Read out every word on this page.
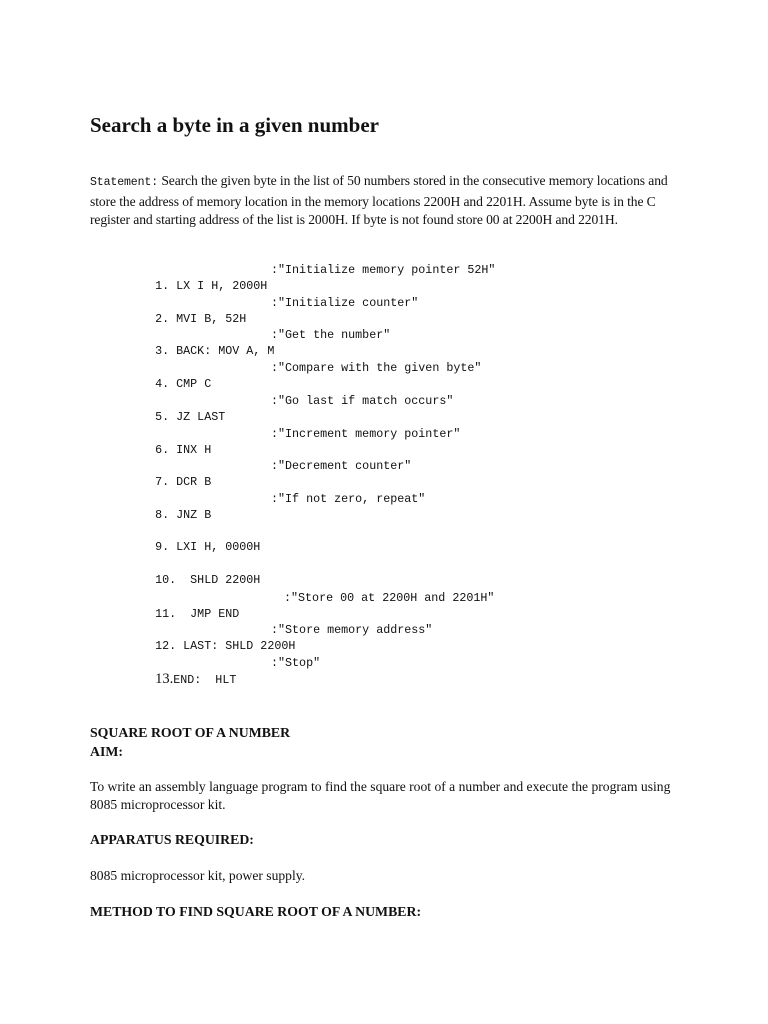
Search a byte in a given number

Statement: Search the given byte in the list of 50 numbers stored in the consecutive memory locations and store the address of memory location in the memory locations 2200H and 2201H. Assume byte is in the C register and starting address of the list is 2000H. If byte is not found store 00 at 2200H and 2201H.

1. LX I H, 2000H
:"Initialize memory pointer 52H"

2. MVI B, 52H
:"Initialize counter"

3. BACK: MOV A, M
:"Get the number"

4. CMP C
:"Compare with the given byte"

5. JZ LAST
:"Go last if match occurs"

6. INX H
:"Increment memory pointer"

7. DCR B
:"Decrement counter"

8. JNZ B
:"If not zero, repeat"

9. LXI H, 0000H

10. SHLD 2200H

11. JMP END
:"Store 00 at 2200H and 2201H"

12. LAST: SHLD 2200H
:"Store memory address"

13.END:  HLT
:"Stop"

SQUARE ROOT OF A NUMBER
AIM:

To write an assembly language program to find the square root of a number and execute the program using 8085 microprocessor kit.

APPARATUS REQUIRED:

8085 microprocessor kit, power supply.

METHOD TO FIND SQUARE ROOT OF A NUMBER:
